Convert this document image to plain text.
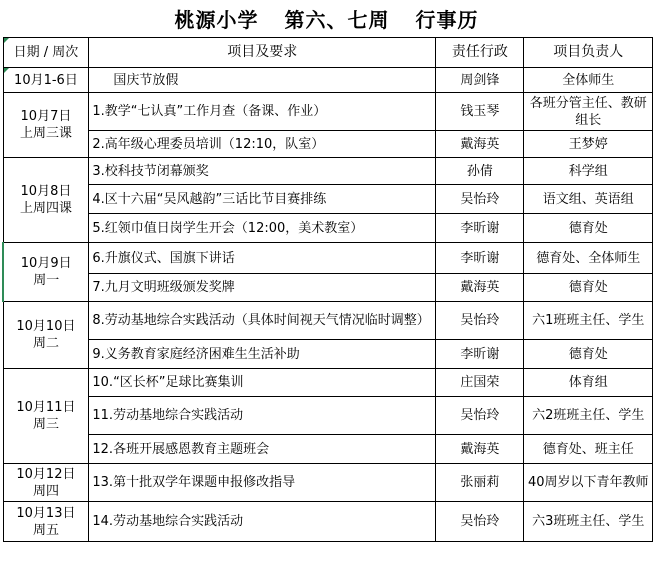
桃源小学 第六、七周 行事历
日期 / 周次	项目及要求	责任行政	项目负责人

10月1-6日	国庆节放假	周剑锋	全体师生

10月7日
上周三课	1.教学“七认真”工作月查（备课、作业）	钱玉琴	各班分管主任、教研组长
	2.高年级心理委员培训（12:10，队室）	戴海英	王梦婷

10月8日
上周四课	3.校科技节闭幕颁奖	孙倩	科学组
	4.区十六届“吴风越韵”三话比节目赛排练	吴怡玲	语文组、英语组
	5.红领巾值日岗学生开会（12:00，美术教室）	李昕谢	德育处

10月9日
周一	6.升旗仪式、国旗下讲话	李昕谢	德育处、全体师生
	7.九月文明班级颁发奖牌	戴海英	德育处

10月10日
周二	8.劳动基地综合实践活动（具体时间视天气情况临时调整）	吴怡玲	六1班班主任、学生
	9.义务教育家庭经济困难生生活补助	李昕谢	德育处

10月11日
周三	10.“区长杯”足球比赛集训	庄国荣	体育组
	11.劳动基地综合实践活动	吴怡玲	六2班班主任、学生
	12.各班开展感恩教育主题班会	戴海英	德育处、班主任

10月12日
周四	13.第十批双学年课题申报修改指导	张丽莉	40周岁以下青年教师

10月13日
周五	14.劳动基地综合实践活动	吴怡玲	六3班班主任、学生
